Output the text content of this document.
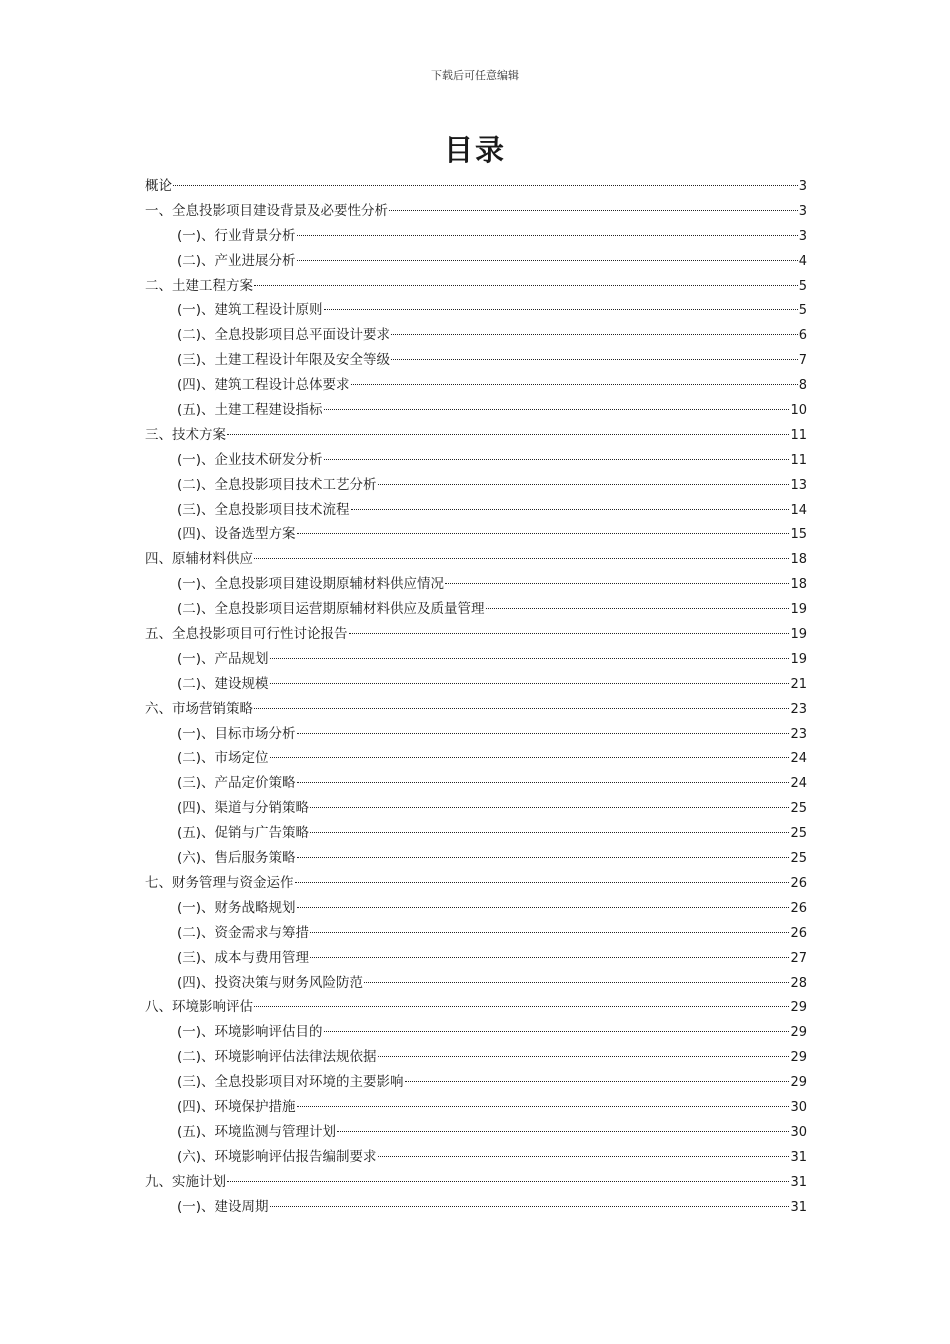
下载后可任意编辑
目录
概论	3
一、全息投影项目建设背景及必要性分析	3
(一)、行业背景分析	3
(二)、产业进展分析	4
二、土建工程方案	5
(一)、建筑工程设计原则	5
(二)、全息投影项目总平面设计要求	6
(三)、土建工程设计年限及安全等级	7
(四)、建筑工程设计总体要求	8
(五)、土建工程建设指标	10
三、技术方案	11
(一)、企业技术研发分析	11
(二)、全息投影项目技术工艺分析	13
(三)、全息投影项目技术流程	14
(四)、设备选型方案	15
四、原辅材料供应	18
(一)、全息投影项目建设期原辅材料供应情况	18
(二)、全息投影项目运营期原辅材料供应及质量管理	19
五、全息投影项目可行性讨论报告	19
(一)、产品规划	19
(二)、建设规模	21
六、市场营销策略	23
(一)、目标市场分析	23
(二)、市场定位	24
(三)、产品定价策略	24
(四)、渠道与分销策略	25
(五)、促销与广告策略	25
(六)、售后服务策略	25
七、财务管理与资金运作	26
(一)、财务战略规划	26
(二)、资金需求与筹措	26
(三)、成本与费用管理	27
(四)、投资决策与财务风险防范	28
八、环境影响评估	29
(一)、环境影响评估目的	29
(二)、环境影响评估法律法规依据	29
(三)、全息投影项目对环境的主要影响	29
(四)、环境保护措施	30
(五)、环境监测与管理计划	30
(六)、环境影响评估报告编制要求	31
九、实施计划	31
(一)、建设周期	31
